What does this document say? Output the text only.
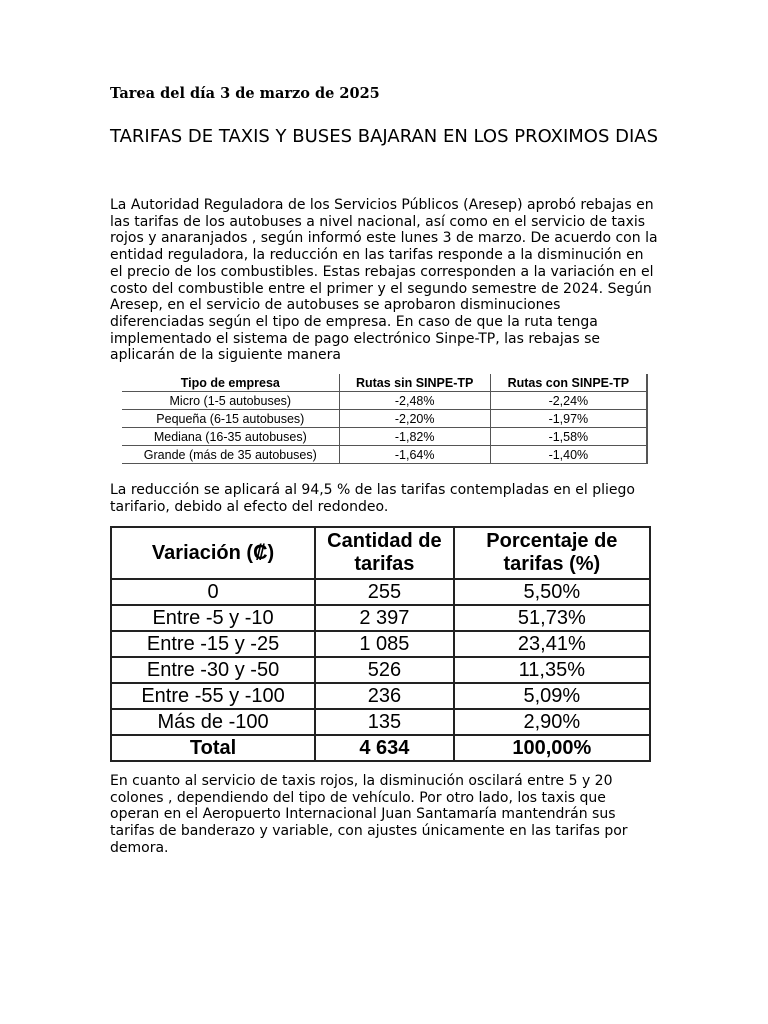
Tarea del día 3 de marzo de 2025
TARIFAS DE TAXIS Y BUSES BAJARAN EN LOS PROXIMOS DIAS

La Autoridad Reguladora de los Servicios Públicos (Aresep) aprobó rebajas en las tarifas de los autobuses a nivel nacional, así como en el servicio de taxis rojos y anaranjados , según informó este lunes 3 de marzo. De acuerdo con la entidad reguladora, la reducción en las tarifas responde a la disminución en el precio de los combustibles. Estas rebajas corresponden a la variación en el costo del combustible entre el primer y el segundo semestre de 2024. Según Aresep, en el servicio de autobuses se aprobaron disminuciones diferenciadas según el tipo de empresa. En caso de que la ruta tenga implementado el sistema de pago electrónico Sinpe-TP, las rebajas se aplicarán de la siguiente manera

Tipo de empresa	Rutas sin SINPE-TP	Rutas con SINPE-TP
Micro (1-5 autobuses)	-2,48%	-2,24%
Pequeña (6-15 autobuses)	-2,20%	-1,97%
Mediana (16-35 autobuses)	-1,82%	-1,58%
Grande (más de 35 autobuses)	-1,64%	-1,40%

La reducción se aplicará al 94,5 % de las tarifas contempladas en el pliego tarifario, debido al efecto del redondeo.

Variación (₡)	Cantidad de tarifas	Porcentaje de tarifas (%)
0	255	5,50%
Entre -5 y -10	2 397	51,73%
Entre -15 y -25	1 085	23,41%
Entre -30 y -50	526	11,35%
Entre -55 y -100	236	5,09%
Más de -100	135	2,90%
Total	4 634	100,00%

En cuanto al servicio de taxis rojos, la disminución oscilará entre 5 y 20 colones , dependiendo del tipo de vehículo. Por otro lado, los taxis que operan en el Aeropuerto Internacional Juan Santamaría mantendrán sus tarifas de banderazo y variable, con ajustes únicamente en las tarifas por demora.
